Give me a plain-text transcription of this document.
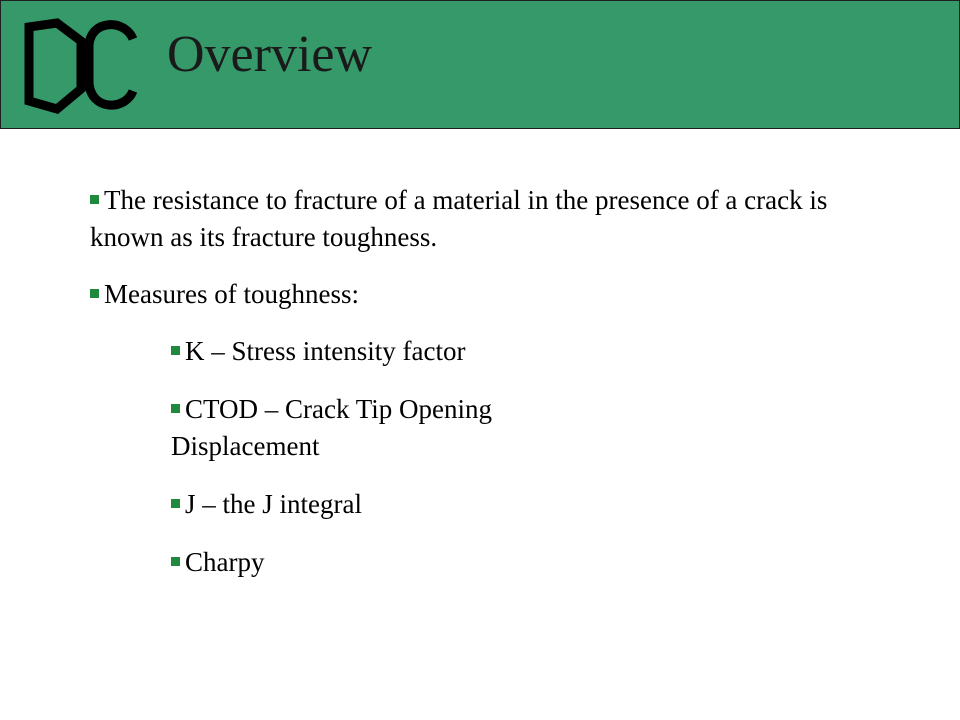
Overview

The resistance to fracture of a material in the presence of a crack is known as its fracture toughness.

Measures of toughness:

K – Stress intensity factor

CTOD – Crack Tip Opening Displacement

J – the J integral

Charpy
